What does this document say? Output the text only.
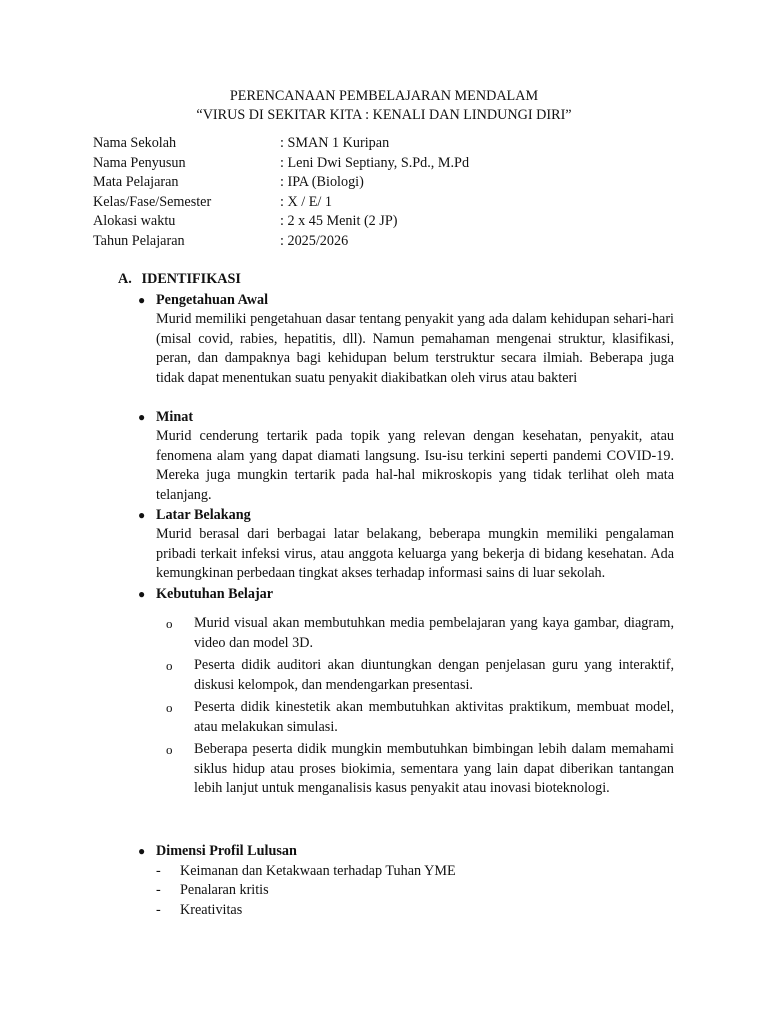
PERENCANAAN PEMBELAJARAN MENDALAM
“VIRUS DI SEKITAR KITA : KENALI DAN LINDUNGI DIRI”
Nama Sekolah	: SMAN 1 Kuripan
Nama Penyusun	: Leni Dwi Septiany, S.Pd., M.Pd
Mata Pelajaran	: IPA (Biologi)
Kelas/Fase/Semester	: X / E/ 1
Alokasi waktu	: 2 x 45 Menit (2 JP)
Tahun Pelajaran	: 2025/2026
A. IDENTIFIKASI
● Pengetahuan Awal
Murid memiliki pengetahuan dasar tentang penyakit yang ada dalam kehidupan sehari-hari (misal covid, rabies, hepatitis, dll). Namun pemahaman mengenai struktur, klasifikasi, peran, dan dampaknya bagi kehidupan belum terstruktur secara ilmiah. Beberapa juga tidak dapat menentukan suatu penyakit diakibatkan oleh virus atau bakteri
● Minat
Murid cenderung tertarik pada topik yang relevan dengan kesehatan, penyakit, atau fenomena alam yang dapat diamati langsung. Isu-isu terkini seperti pandemi COVID-19. Mereka juga mungkin tertarik pada hal-hal mikroskopis yang tidak terlihat oleh mata telanjang.
● Latar Belakang
Murid berasal dari berbagai latar belakang, beberapa mungkin memiliki pengalaman pribadi terkait infeksi virus, atau anggota keluarga yang bekerja di bidang kesehatan. Ada kemungkinan perbedaan tingkat akses terhadap informasi sains di luar sekolah.
● Kebutuhan Belajar
o Murid visual akan membutuhkan media pembelajaran yang kaya gambar, diagram, video dan model 3D.
o Peserta didik auditori akan diuntungkan dengan penjelasan guru yang interaktif, diskusi kelompok, dan mendengarkan presentasi.
o Peserta didik kinestetik akan membutuhkan aktivitas praktikum, membuat model, atau melakukan simulasi.
o Beberapa peserta didik mungkin membutuhkan bimbingan lebih dalam memahami siklus hidup atau proses biokimia, sementara yang lain dapat diberikan tantangan lebih lanjut untuk menganalisis kasus penyakit atau inovasi bioteknologi.
● Dimensi Profil Lulusan
- Keimanan dan Ketakwaan terhadap Tuhan YME
- Penalaran kritis
- Kreativitas
